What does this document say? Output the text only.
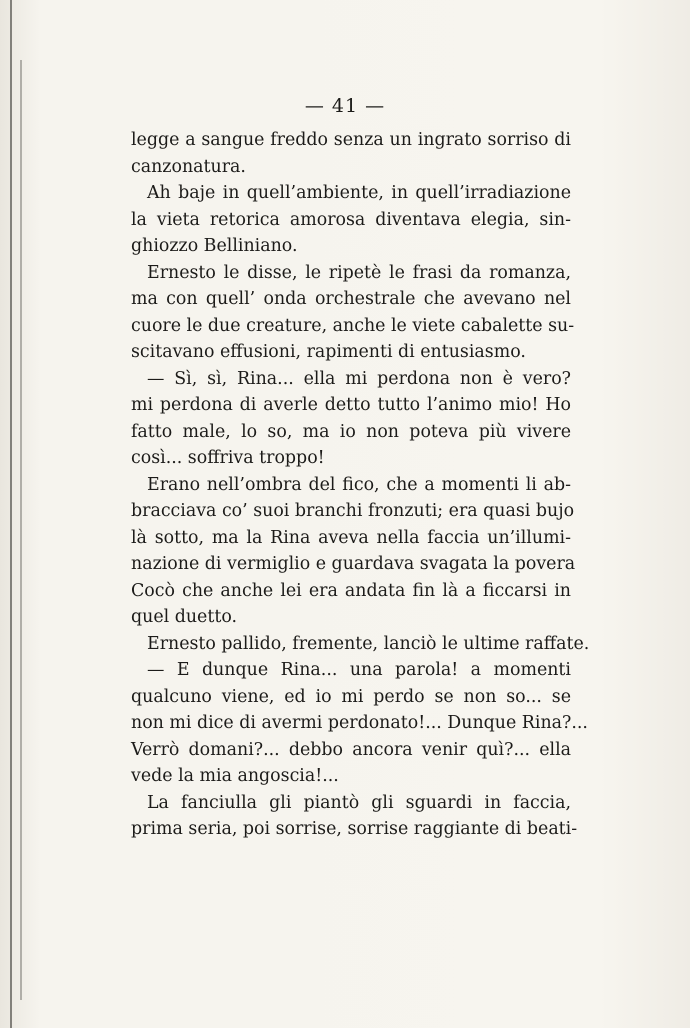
— 41 —
legge a sangue freddo senza un ingrato sorriso di
canzonatura.
Ah baje in quell’ambiente, in quell’irradiazione
la vieta retorica amorosa diventava elegia, sin-
ghiozzo Belliniano.
Ernesto le disse, le ripetè le frasi da romanza,
ma con quell’ onda orchestrale che avevano nel
cuore le due creature, anche le viete cabalette su-
scitavano effusioni, rapimenti di entusiasmo.
— Sì, sì, Rina... ella mi perdona non è vero?
mi perdona di averle detto tutto l’animo mio! Ho
fatto male, lo so, ma io non poteva più vivere
così... soffriva troppo!
Erano nell’ombra del fico, che a momenti li ab-
bracciava co’ suoi branchi fronzuti; era quasi bujo
là sotto, ma la Rina aveva nella faccia un’illumi-
nazione di vermiglio e guardava svagata la povera
Cocò che anche lei era andata fin là a ficcarsi in
quel duetto.
Ernesto pallido, fremente, lanciò le ultime raffate.
— E dunque Rina... una parola! a momenti
qualcuno viene, ed io mi perdo se non so... se
non mi dice di avermi perdonato!... Dunque Rina?...
Verrò domani?... debbo ancora venir quì?... ella
vede la mia angoscia!...
La fanciulla gli piantò gli sguardi in faccia,
prima seria, poi sorrise, sorrise raggiante di beati-
